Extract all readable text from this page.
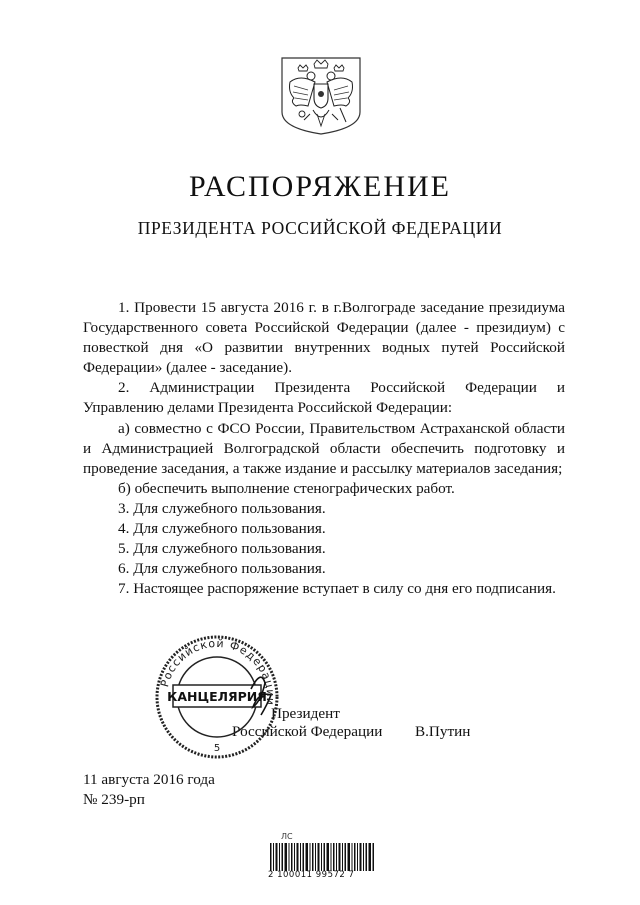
РАСПОРЯЖЕНИЕ
ПРЕЗИДЕНТА РОССИЙСКОЙ ФЕДЕРАЦИИ

1. Провести 15 августа 2016 г. в г.Волгограде заседание президиума Государственного совета Российской Федерации (далее - президиум) с повесткой дня «О развитии внутренних водных путей Российской Федерации» (далее - заседание).

2. Администрации Президента Российской Федерации и Управлению делами Президента Российской Федерации:

а) совместно с ФСО России, Правительством Астраханской области и Администрацией Волгоградской области обеспечить подготовку и проведение заседания, а также издание и рассылку материалов заседания;

б) обеспечить выполнение стенографических работ.

3. Для служебного пользования.

4. Для служебного пользования.

5. Для служебного пользования.

6. Для служебного пользования.

7. Настоящее распоряжение вступает в силу со дня его подписания.

Президент
Российской Федерации В.Путин
Российской Федерации
КАНЦЕЛЯРИЯ
5
11 августа 2016 года
№ 239-рп
ЛС
2 100011 99572 7
